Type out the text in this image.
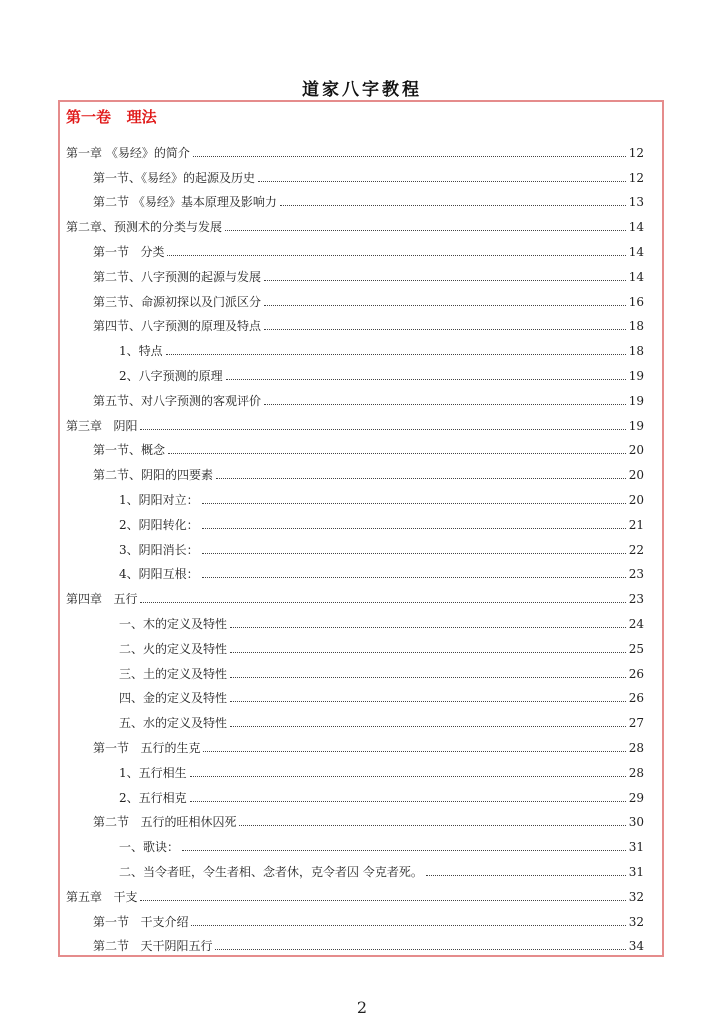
道家八字教程
第一卷   理法
第一章 《易经》的简介	12
第一节、《易经》的起源及历史	12
第二节 《易经》基本原理及影响力	13
第二章、预测术的分类与发展	14
第一节   分类	14
第二节、八字预测的起源与发展	14
第三节、命源初探以及门派区分	16
第四节、八字预测的原理及特点	18
1、特点	18
2、八字预测的原理	19
第五节、对八字预测的客观评价	19
第三章   阴阳	19
第一节、概念	20
第二节、阴阳的四要素	20
1、阴阳对立：	20
2、阴阳转化：	21
3、阴阳消长：	22
4、阴阳互根：	23
第四章   五行	23
一、木的定义及特性	24
二、火的定义及特性	25
三、土的定义及特性	26
四、金的定义及特性	26
五、水的定义及特性	27
第一节   五行的生克	28
1、五行相生	28
2、五行相克	29
第二节   五行的旺相休囚死	30
一、歌诀：	31
二、当令者旺，令生者相、念者休，克令者囚 令克者死。	31
第五章   干支	32
第一节   干支介绍	32
第二节   天干阴阳五行	34
2
